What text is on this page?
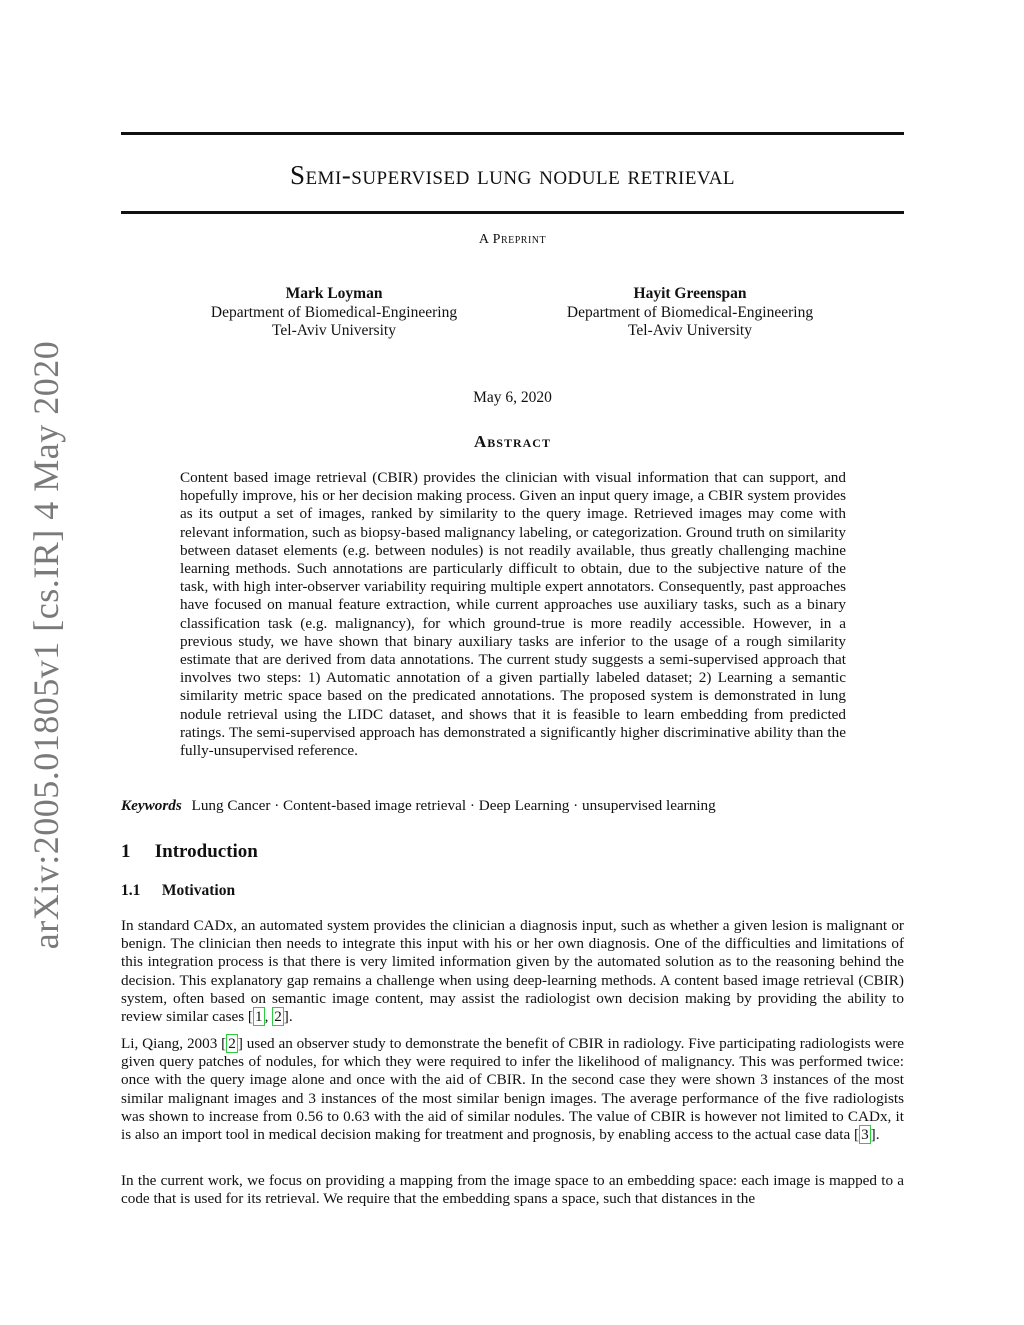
arXiv:2005.01805v1 [cs.IR] 4 May 2020
Semi-supervised lung nodule retrieval
A Preprint
Mark Loyman
Department of Biomedical-Engineering
Tel-Aviv University
Hayit Greenspan
Department of Biomedical-Engineering
Tel-Aviv University
May 6, 2020
Abstract

Content based image retrieval (CBIR) provides the clinician with visual information that can support, and hopefully improve, his or her decision making process. Given an input query image, a CBIR system provides as its output a set of images, ranked by similarity to the query image. Retrieved images may come with relevant information, such as biopsy-based malignancy labeling, or categorization. Ground truth on similarity between dataset elements (e.g. between nodules) is not readily available, thus greatly challenging machine learning methods. Such annotations are particularly difficult to obtain, due to the subjective nature of the task, with high inter-observer variability requiring multiple expert annotators. Consequently, past approaches have focused on manual feature extraction, while current approaches use auxiliary tasks, such as a binary classification task (e.g. malignancy), for which ground-true is more readily accessible. However, in a previous study, we have shown that binary auxiliary tasks are inferior to the usage of a rough similarity estimate that are derived from data annotations. The current study suggests a semi-supervised approach that involves two steps: 1) Automatic annotation of a given partially labeled dataset; 2) Learning a semantic similarity metric space based on the predicated annotations. The proposed system is demonstrated in lung nodule retrieval using the LIDC dataset, and shows that it is feasible to learn embedding from predicted ratings. The semi-supervised approach has demonstrated a significantly higher discriminative ability than the fully-unsupervised reference.

Keywords Lung Cancer · Content-based image retrieval · Deep Learning · unsupervised learning
1 Introduction
1.1 Motivation

In standard CADx, an automated system provides the clinician a diagnosis input, such as whether a given lesion is malignant or benign. The clinician then needs to integrate this input with his or her own diagnosis. One of the difficulties and limitations of this integration process is that there is very limited information given by the automated solution as to the reasoning behind the decision. This explanatory gap remains a challenge when using deep-learning methods. A content based image retrieval (CBIR) system, often based on semantic image content, may assist the radiologist own decision making by providing the ability to review similar cases [ 1 , 2 ].

Li, Qiang, 2003 [ 2 ] used an observer study to demonstrate the benefit of CBIR in radiology. Five participating radiologists were given query patches of nodules, for which they were required to infer the likelihood of malignancy. This was performed twice: once with the query image alone and once with the aid of CBIR. In the second case they were shown 3 instances of the most similar malignant images and 3 instances of the most similar benign images. The average performance of the five radiologists was shown to increase from 0.56 to 0.63 with the aid of similar nodules. The value of CBIR is however not limited to CADx, it is also an import tool in medical decision making for treatment and prognosis, by enabling access to the actual case data [ 3 ].

In the current work, we focus on providing a mapping from the image space to an embedding space: each image is mapped to a code that is used for its retrieval. We require that the embedding spans a space, such that distances in the
